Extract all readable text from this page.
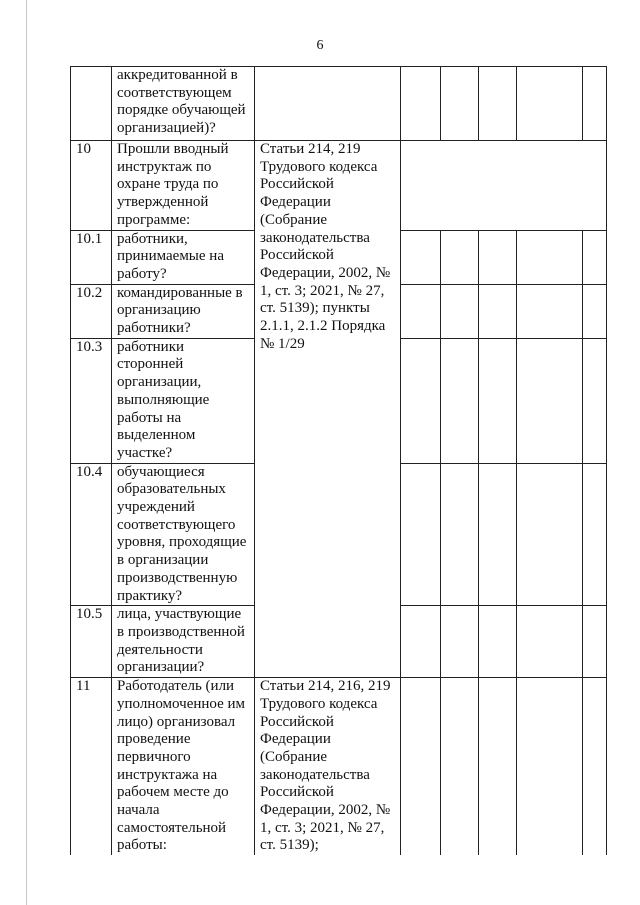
6

	аккредитованной в соответствующем порядке обучающей организацией)?						

10	Прошли вводный инструктаж по охране труда по утвержденной программе:	Статьи 214, 219 Трудового кодекса Российской Федерации (Собрание законодательства Российской Федерации, 2002, № 1, ст. 3; 2021, № 27, ст. 5139); пункты 2.1.1, 2.1.2 Порядка № 1/29					

10.1	работники, принимаемые на работу?						

10.2	командированные в организацию работники?						

10.3	работники сторонней организации, выполняющие работы на выделенном участке?						

10.4	обучающиеся образовательных учреждений соответствующего уровня, проходящие в организации производственную практику?						

10.5	лица, участвующие в производственной деятельности организации?						

11	Работодатель (или уполномоченное им лицо) организовал проведение первичного инструктажа на рабочем месте до начала самостоятельной работы:	Статьи 214, 216, 219 Трудового кодекса Российской Федерации (Собрание законодательства Российской Федерации, 2002, № 1, ст. 3; 2021, № 27, ст. 5139);					
